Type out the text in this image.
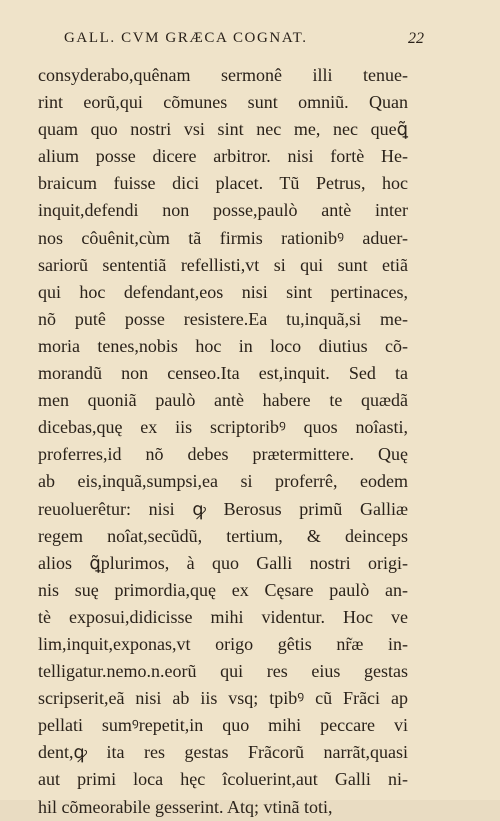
GALL. CVM GRÆCA COGNAT.	22
consyderabo,quênam sermonê illi tenue-
rint eorũ,qui cõmunes sunt omniũ. Quan
quam quo nostri vsi sint nec me, nec queꝗ̃
alium posse dicere arbitror. nisi fortè He-
braicum fuisse dici placet. Tũ Petrus, hoc
inquit,defendi non posse,paulò antè inter
nos côuênit,cùm tã firmis rationibꝰ aduer-
sariorũ sententiã refellisti,vt si qui sunt etiã
qui hoc defendant,eos nisi sint pertinaces,
nõ putê posse resistere.Ea tu,inquã,si me-
moria tenes,nobis hoc in loco diutius cõ-
morandũ non censeo.Ita est,inquit. Sed ta
men quoniã paulò antè habere te quædã
dicebas,quę ex iis scriptoribꝰ quos noîasti,
proferres,id nõ debes prætermittere. Quę
ab eis,inquã,sumpsi,ea si proferrê, eodem
reuoluerêtur: nisi ꝙ Berosus primũ Galliæ
regem noîat,secũdũ, tertium, & deinceps
alios ꝗ̃plurimos, à quo Galli nostri origi-
nis suę primordia,quę ex Cęsare paulò an-
tè exposui,didicisse mihi videntur. Hoc ve
lim,inquit,exponas,vt origo gêtis nr̃æ in-
telligatur.nemo.n.eorũ qui res eius gestas
scripserit,eã nisi ab iis vsq; tpibꝰ cũ Frãci ap
pellati sumꝰrepetit,in quo mihi peccare vi
dent,ꝙ ita res gestas Frãcorũ narrãt,quasi
aut primi loca hęc îcoluerint,aut Galli ni-
hil cõmeorabile gesserint. Atq; vtinã toti,
